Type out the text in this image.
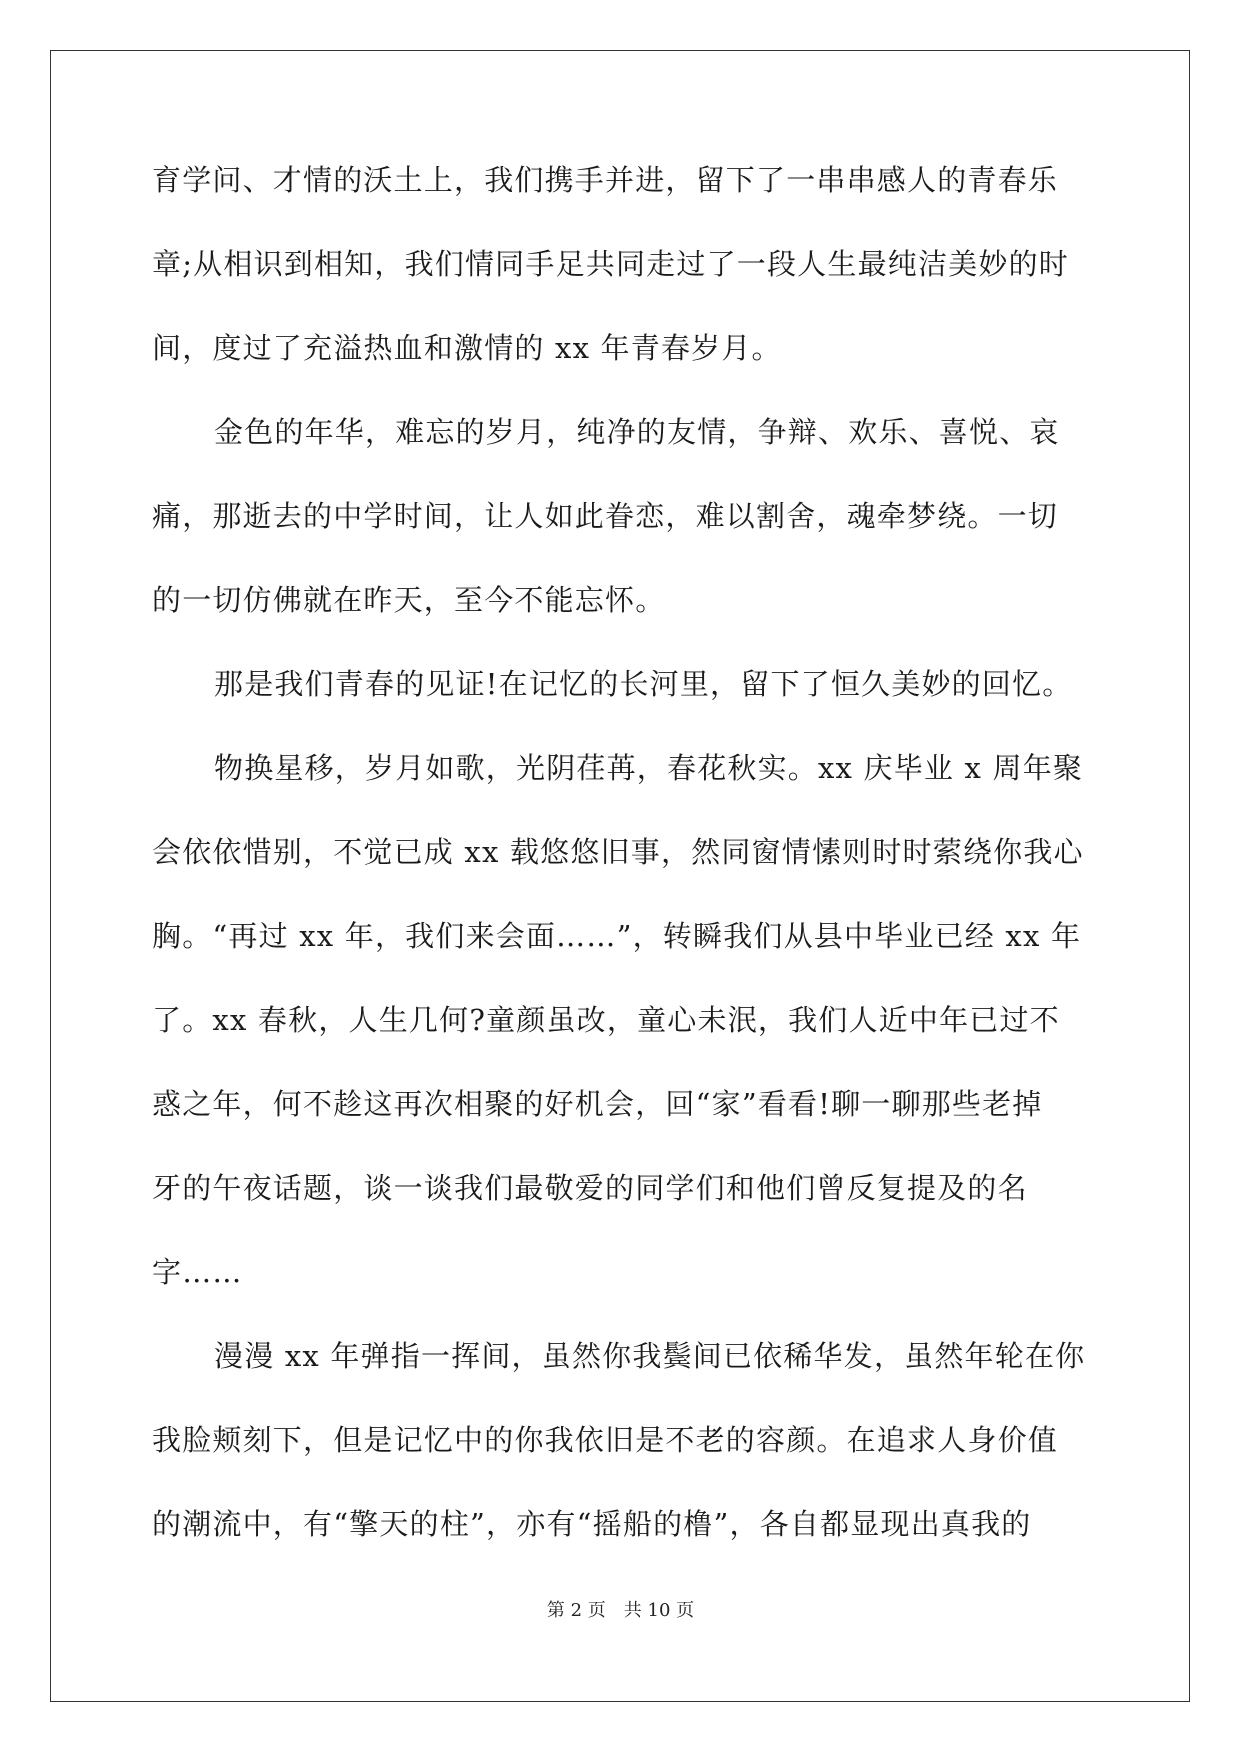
育学问、才情的沃土上，我们携手并进，留下了一串串感人的青春乐
章;从相识到相知，我们情同手足共同走过了一段人生最纯洁美妙的时
间，度过了充溢热血和激情的 xx 年青春岁月。
金色的年华，难忘的岁月，纯净的友情，争辩、欢乐、喜悦、哀
痛，那逝去的中学时间，让人如此眷恋，难以割舍，魂牵梦绕。一切
的一切仿佛就在昨天，至今不能忘怀。
那是我们青春的见证!在记忆的长河里，留下了恒久美妙的回忆。
物换星移，岁月如歌，光阴荏苒，春花秋实。xx 庆毕业 x 周年聚
会依依惜别，不觉已成 xx 载悠悠旧事，然同窗情愫则时时萦绕你我心
胸。“再过 xx 年，我们来会面……”，转瞬我们从县中毕业已经 xx 年
了。xx 春秋，人生几何?童颜虽改，童心未泯，我们人近中年已过不
惑之年，何不趁这再次相聚的好机会，回“家”看看!聊一聊那些老掉
牙的午夜话题，谈一谈我们最敬爱的同学们和他们曾反复提及的名
字……
漫漫 xx 年弹指一挥间，虽然你我鬓间已依稀华发，虽然年轮在你
我脸颊刻下，但是记忆中的你我依旧是不老的容颜。在追求人身价值
的潮流中，有“擎天的柱”，亦有“摇船的橹”，各自都显现出真我的
第 2 页 共 10 页
